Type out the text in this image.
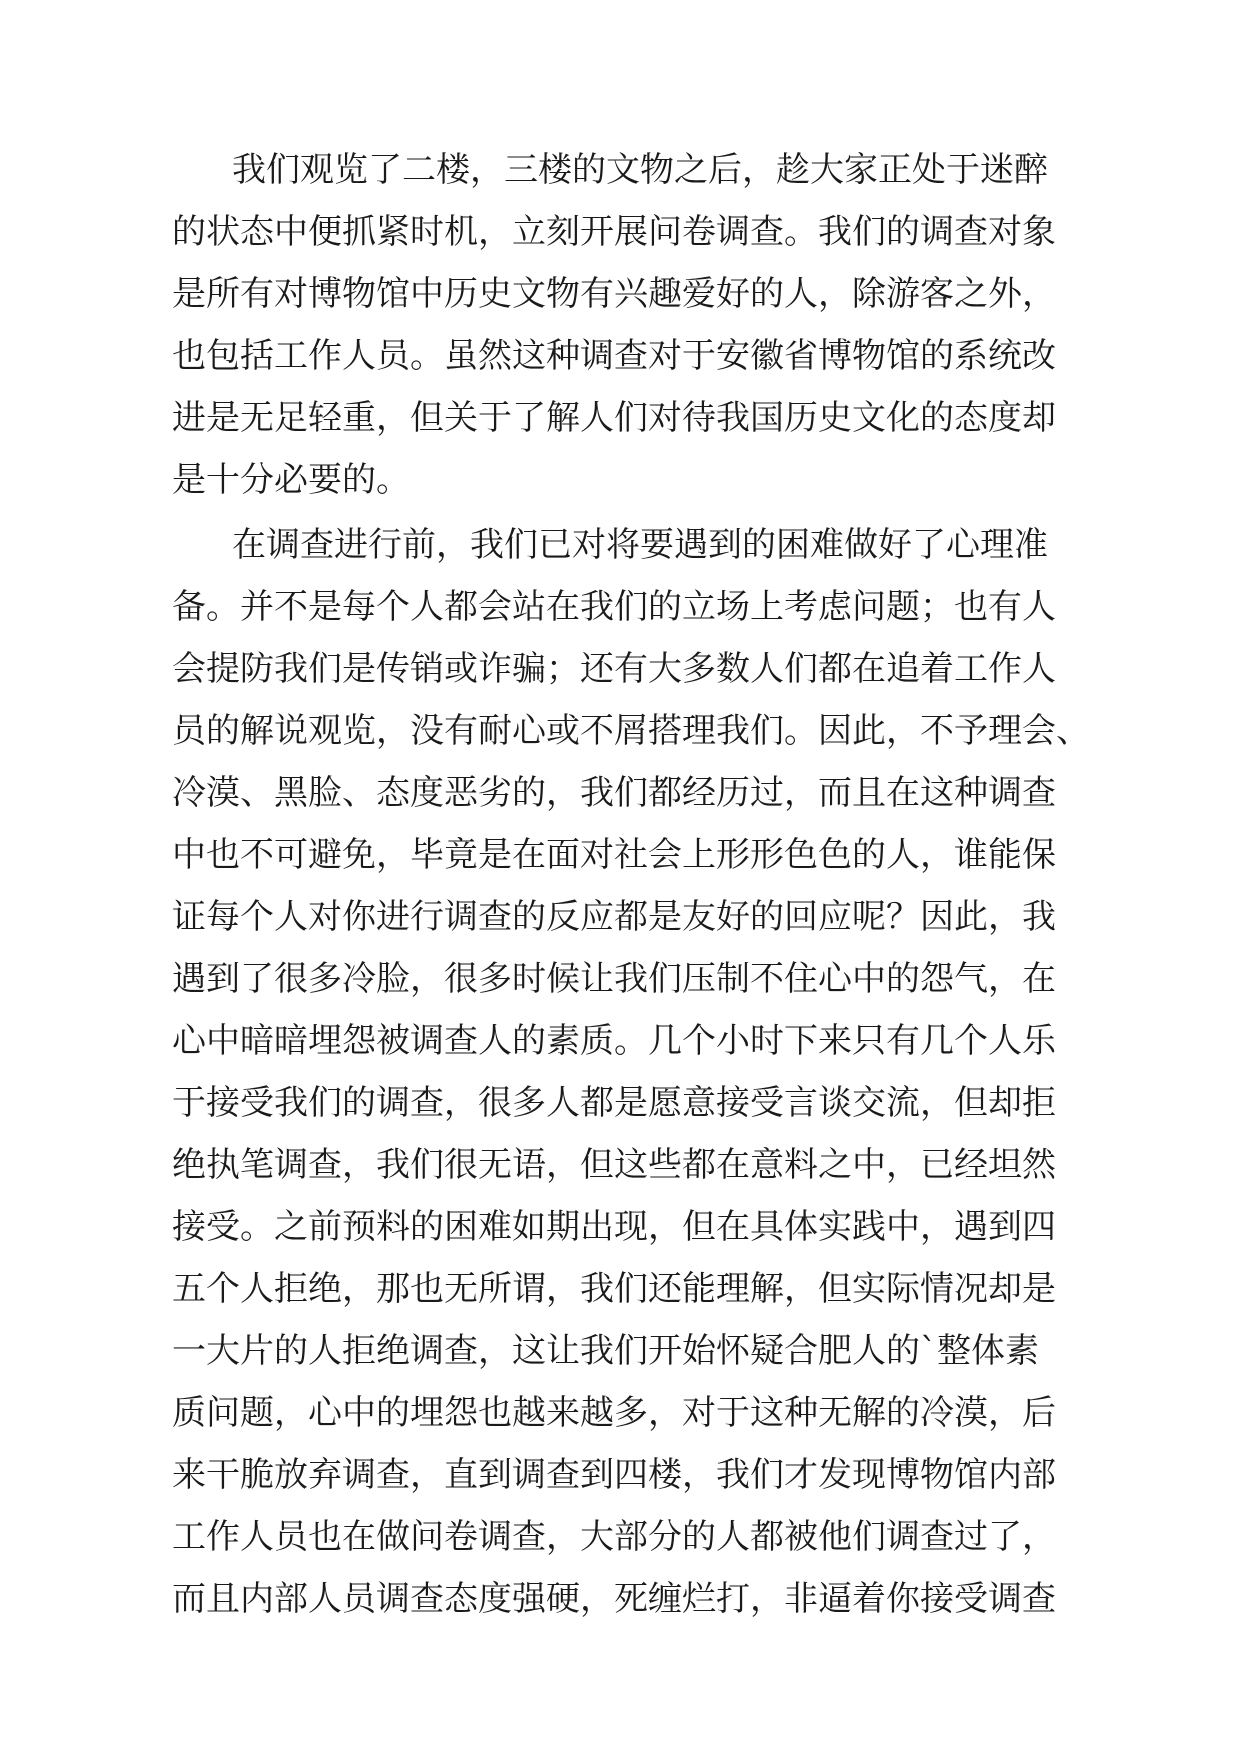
我们观览了二楼，三楼的文物之后，趁大家正处于迷醉
的状态中便抓紧时机，立刻开展问卷调查。我们的调查对象
是所有对博物馆中历史文物有兴趣爱好的人，除游客之外，
也包括工作人员。虽然这种调查对于安徽省博物馆的系统改
进是无足轻重，但关于了解人们对待我国历史文化的态度却
是十分必要的。
在调查进行前，我们已对将要遇到的困难做好了心理准
备。并不是每个人都会站在我们的立场上考虑问题；也有人
会提防我们是传销或诈骗；还有大多数人们都在追着工作人
员的解说观览，没有耐心或不屑搭理我们。因此，不予理会、
冷漠、黑脸、态度恶劣的，我们都经历过，而且在这种调查
中也不可避免，毕竟是在面对社会上形形色色的人，谁能保
证每个人对你进行调查的反应都是友好的回应呢？因此，我
遇到了很多冷脸，很多时候让我们压制不住心中的怨气，在
心中暗暗埋怨被调查人的素质。几个小时下来只有几个人乐
于接受我们的调查，很多人都是愿意接受言谈交流，但却拒
绝执笔调查，我们很无语，但这些都在意料之中，已经坦然
接受。之前预料的困难如期出现，但在具体实践中，遇到四
五个人拒绝，那也无所谓，我们还能理解，但实际情况却是
一大片的人拒绝调查，这让我们开始怀疑合肥人的`整体素
质问题，心中的埋怨也越来越多，对于这种无解的冷漠，后
来干脆放弃调查，直到调查到四楼，我们才发现博物馆内部
工作人员也在做问卷调查，大部分的人都被他们调查过了，
而且内部人员调查态度强硬，死缠烂打，非逼着你接受调查
